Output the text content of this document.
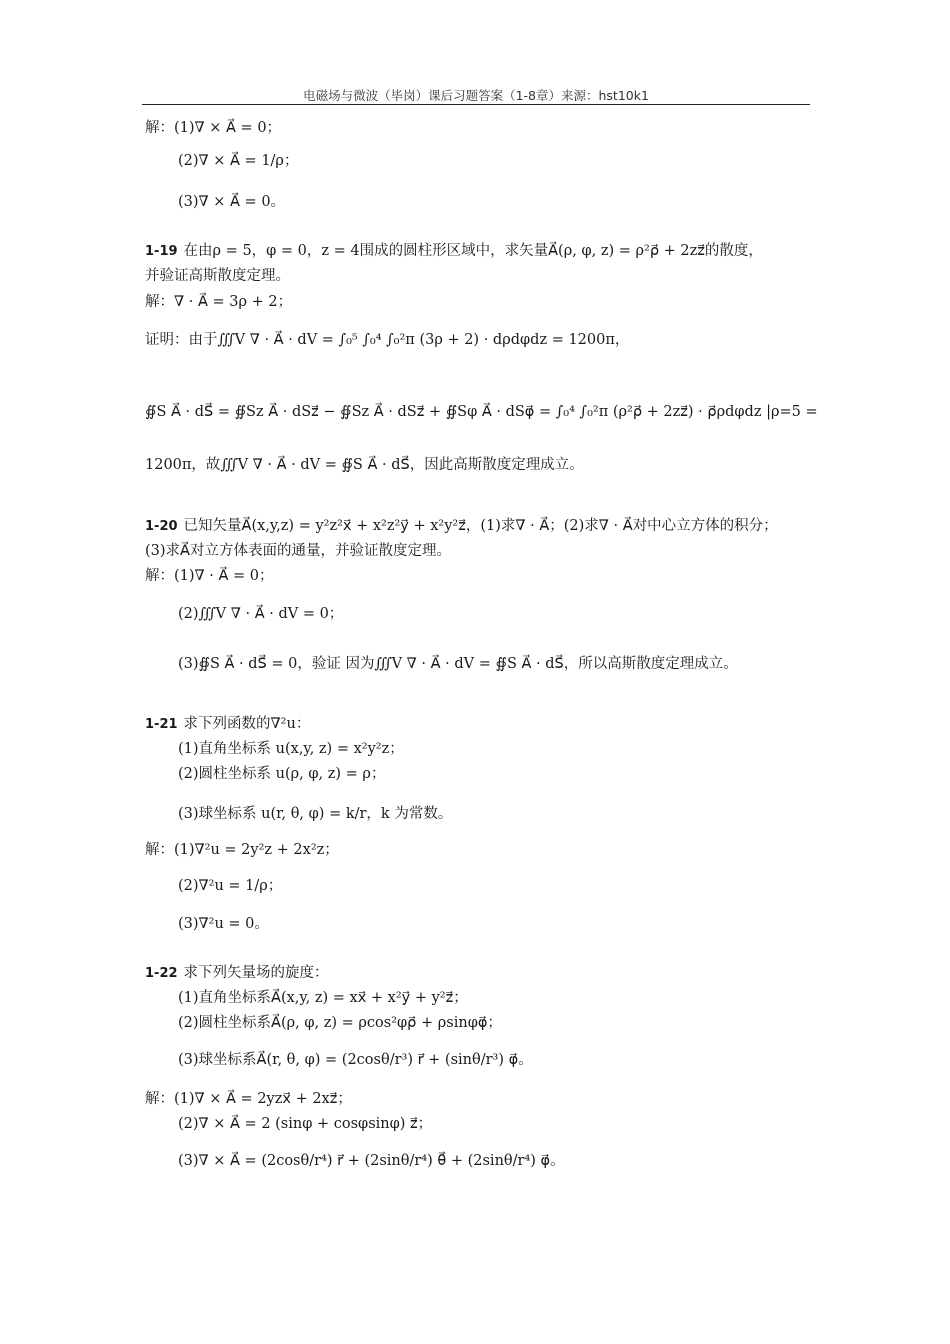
电磁场与微波（毕岗）课后习题答案（1-8章）来源：hst10k1
解：(1)∇ × A⃗ = 0；
(2)∇ × A⃗ = 1/ρ；
(3)∇ × A⃗ = 0。
1-19 在由ρ = 5，φ = 0，z = 4围成的圆柱形区域中，求矢量A⃗(ρ, φ, z) = ρ²ρ⃗ + 2zz⃗的散度，
并验证高斯散度定理。
解：∇ · A⃗ = 3ρ + 2；
证明：由于∭V ∇ · A⃗ · dV = ∫₀⁵ ∫₀⁴ ∫₀²π (3ρ + 2) · dρdφdz = 1200π，
∯S A⃗ · dS⃗ = ∯Sz A⃗ · dSz⃗ − ∯Sz A⃗ · dSz⃗ + ∯Sφ A⃗ · dSφ⃗ = ∫₀⁴ ∫₀²π (ρ²ρ⃗ + 2zz⃗) · ρ⃗ρdφdz |ρ=5 =
1200π，故∭V ∇ · A⃗ · dV = ∯S A⃗ · dS⃗，因此高斯散度定理成立。
1-20 已知矢量A⃗(x,y,z) = y²z²x⃗ + x²z²y⃗ + x²y²z⃗，(1)求∇ · A⃗；(2)求∇ · A⃗对中心立方体的积分；
(3)求A⃗对立方体表面的通量，并验证散度定理。
解：(1)∇ · A⃗ = 0；
(2)∭V ∇ · A⃗ · dV = 0；
(3)∯S A⃗ · dS⃗ = 0，验证 因为∭V ∇ · A⃗ · dV = ∯S A⃗ · dS⃗，所以高斯散度定理成立。
1-21 求下列函数的∇²u：
(1)直角坐标系 u(x,y, z) = x²y²z；
(2)圆柱坐标系 u(ρ, φ, z) = ρ；
(3)球坐标系 u(r, θ, φ) = k/r，k 为常数。
解：(1)∇²u = 2y²z + 2x²z；
(2)∇²u = 1/ρ；
(3)∇²u = 0。
1-22 求下列矢量场的旋度：
(1)直角坐标系A⃗(x,y, z) = xx⃗ + x²y⃗ + y²z⃗；
(2)圆柱坐标系A⃗(ρ, φ, z) = ρcos²φρ⃗ + ρsinφφ⃗；
(3)球坐标系A⃗(r, θ, φ) = (2cosθ/r³) r⃗ + (sinθ/r³) φ⃗。
解：(1)∇ × A⃗ = 2yzx⃗ + 2xz⃗；
(2)∇ × A⃗ = 2 (sinφ + cosφsinφ) z⃗；
(3)∇ × A⃗ = (2cosθ/r⁴) r⃗ + (2sinθ/r⁴) θ⃗ + (2sinθ/r⁴) φ⃗。
